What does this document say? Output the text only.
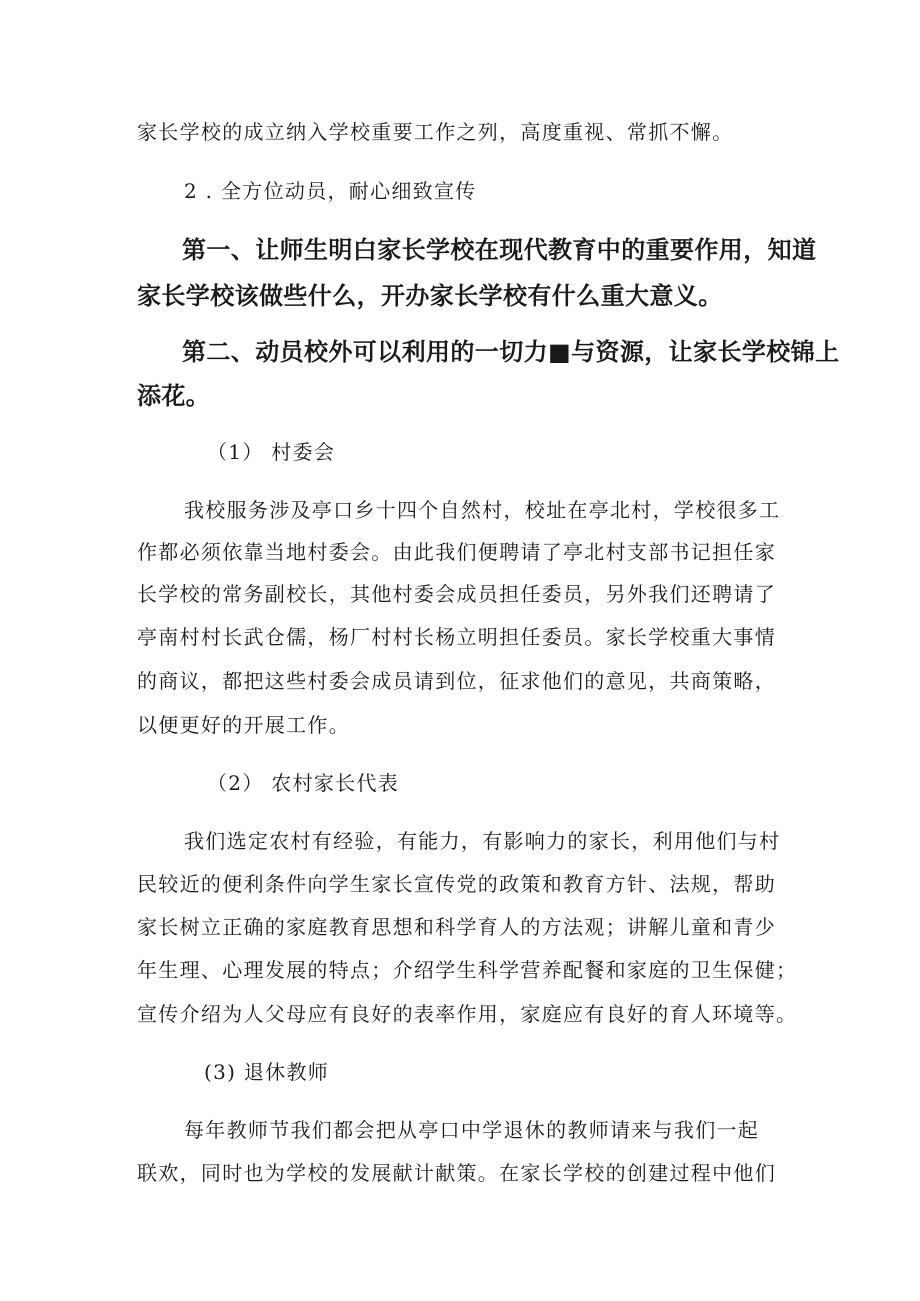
家长学校的成立纳入学校重要工作之列，高度重视、常抓不懈。
2 . 全方位动员，耐心细致宣传
第一、让师生明白家长学校在现代教育中的重要作用，知道
家长学校该做些什么，开办家长学校有什么重大意义。
第二、动员校外可以利用的一切力■与资源，让家长学校锦上
添花。
（1） 村委会
我校服务涉及亭口乡十四个自然村，校址在亭北村，学校很多工
作都必须依靠当地村委会。由此我们便聘请了亭北村支部书记担任家
长学校的常务副校长，其他村委会成员担任委员，另外我们还聘请了
亭南村村长武仓儒，杨厂村村长杨立明担任委员。家长学校重大事情
的商议，都把这些村委会成员请到位，征求他们的意见，共商策略，
以便更好的开展工作。
（2） 农村家长代表
我们选定农村有经验，有能力，有影响力的家长，利用他们与村
民较近的便利条件向学生家长宣传党的政策和教育方针、法规，帮助
家长树立正确的家庭教育思想和科学育人的方法观；讲解儿童和青少
年生理、心理发展的特点；介绍学生科学营养配餐和家庭的卫生保健；
宣传介绍为人父母应有良好的表率作用，家庭应有良好的育人环境等。
(3) 退休教师
每年教师节我们都会把从亭口中学退休的教师请来与我们一起
联欢，同时也为学校的发展献计献策。在家长学校的创建过程中他们
